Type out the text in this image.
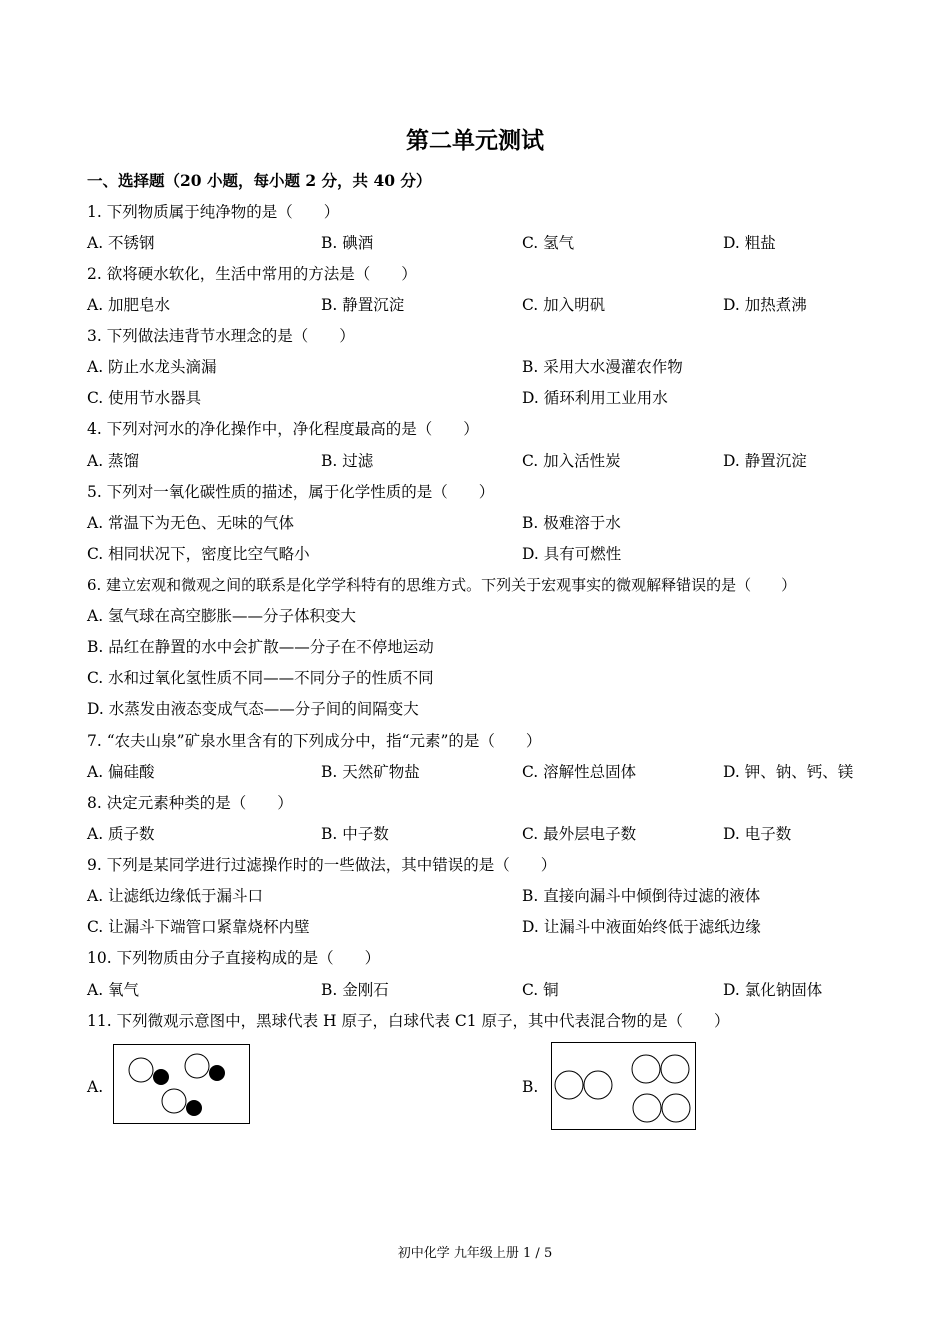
第二单元测试
一、选择题（20 小题，每小题 2 分，共 40 分）
1. 下列物质属于纯净物的是（　　）
A. 不锈钢	B. 碘酒	C. 氢气	D. 粗盐
2. 欲将硬水软化，生活中常用的方法是（　　）
A. 加肥皂水	B. 静置沉淀	C. 加入明矾	D. 加热煮沸
3. 下列做法违背节水理念的是（　　）
A. 防止水龙头滴漏	B. 采用大水漫灌农作物
C. 使用节水器具	D. 循环利用工业用水
4. 下列对河水的净化操作中，净化程度最高的是（　　）
A. 蒸馏	B. 过滤	C. 加入活性炭	D. 静置沉淀
5. 下列对一氧化碳性质的描述，属于化学性质的是（　　）
A. 常温下为无色、无味的气体	B. 极难溶于水
C. 相同状况下，密度比空气略小	D. 具有可燃性
6. 建立宏观和微观之间的联系是化学学科特有的思维方式。下列关于宏观事实的微观解释错误的是（　　）
A. 氢气球在高空膨胀——分子体积变大
B. 品红在静置的水中会扩散——分子在不停地运动
C. 水和过氧化氢性质不同——不同分子的性质不同
D. 水蒸发由液态变成气态——分子间的间隔变大
7. “农夫山泉”矿泉水里含有的下列成分中，指“元素”的是（　　）
A. 偏硅酸	B. 天然矿物盐	C. 溶解性总固体	D. 钾、钠、钙、镁
8. 决定元素种类的是（　　）
A. 质子数	B. 中子数	C. 最外层电子数	D. 电子数
9. 下列是某同学进行过滤操作时的一些做法，其中错误的是（　　）
A. 让滤纸边缘低于漏斗口	B. 直接向漏斗中倾倒待过滤的液体
C. 让漏斗下端管口紧靠烧杯内壁	D. 让漏斗中液面始终低于滤纸边缘
10. 下列物质由分子直接构成的是（　　）
A. 氧气	B. 金刚石	C. 铜	D. 氯化钠固体
11. 下列微观示意图中，黑球代表 H 原子，白球代表 C1 原子，其中代表混合物的是（　　）
A.	B.
初中化学 九年级上册 1 / 5
